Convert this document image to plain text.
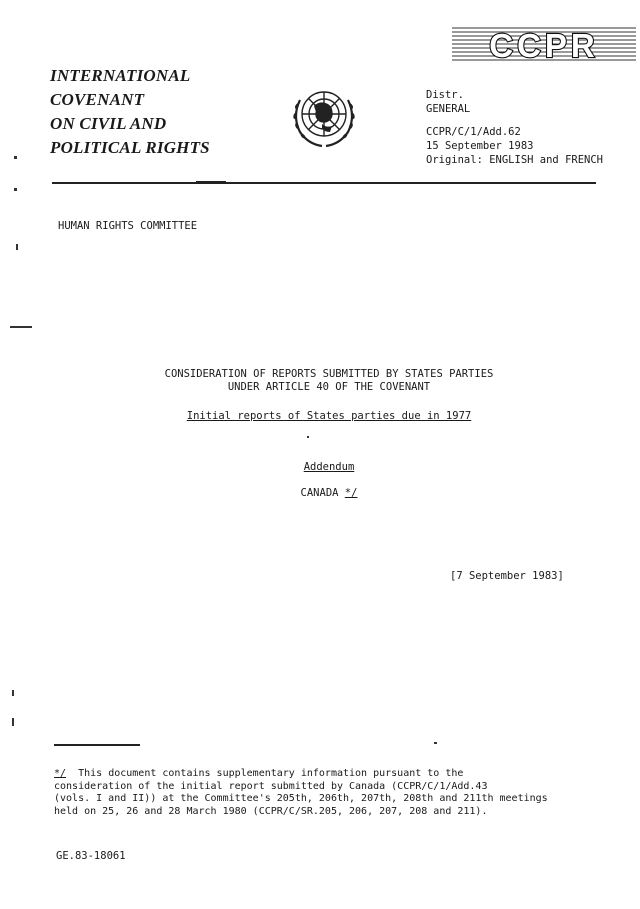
INTERNATIONAL
COVENANT
ON CIVIL AND
POLITICAL RIGHTS
CCPR
Distr.
GENERAL
CCPR/C/1/Add.62
15 September 1983
Original: ENGLISH and FRENCH
HUMAN RIGHTS COMMITTEE
CONSIDERATION OF REPORTS SUBMITTED BY STATES PARTIES
UNDER ARTICLE 40 OF THE COVENANT
Initial reports of States parties due in 1977
Addendum
CANADA */
[7 September 1983]
*/  This document contains supplementary information pursuant to the
consideration of the initial report submitted by Canada (CCPR/C/1/Add.43
(vols. I and II)) at the Committee's 205th, 206th, 207th, 208th and 211th meetings
held on 25, 26 and 28 March 1980 (CCPR/C/SR.205, 206, 207, 208 and 211).
GE.83-18061
